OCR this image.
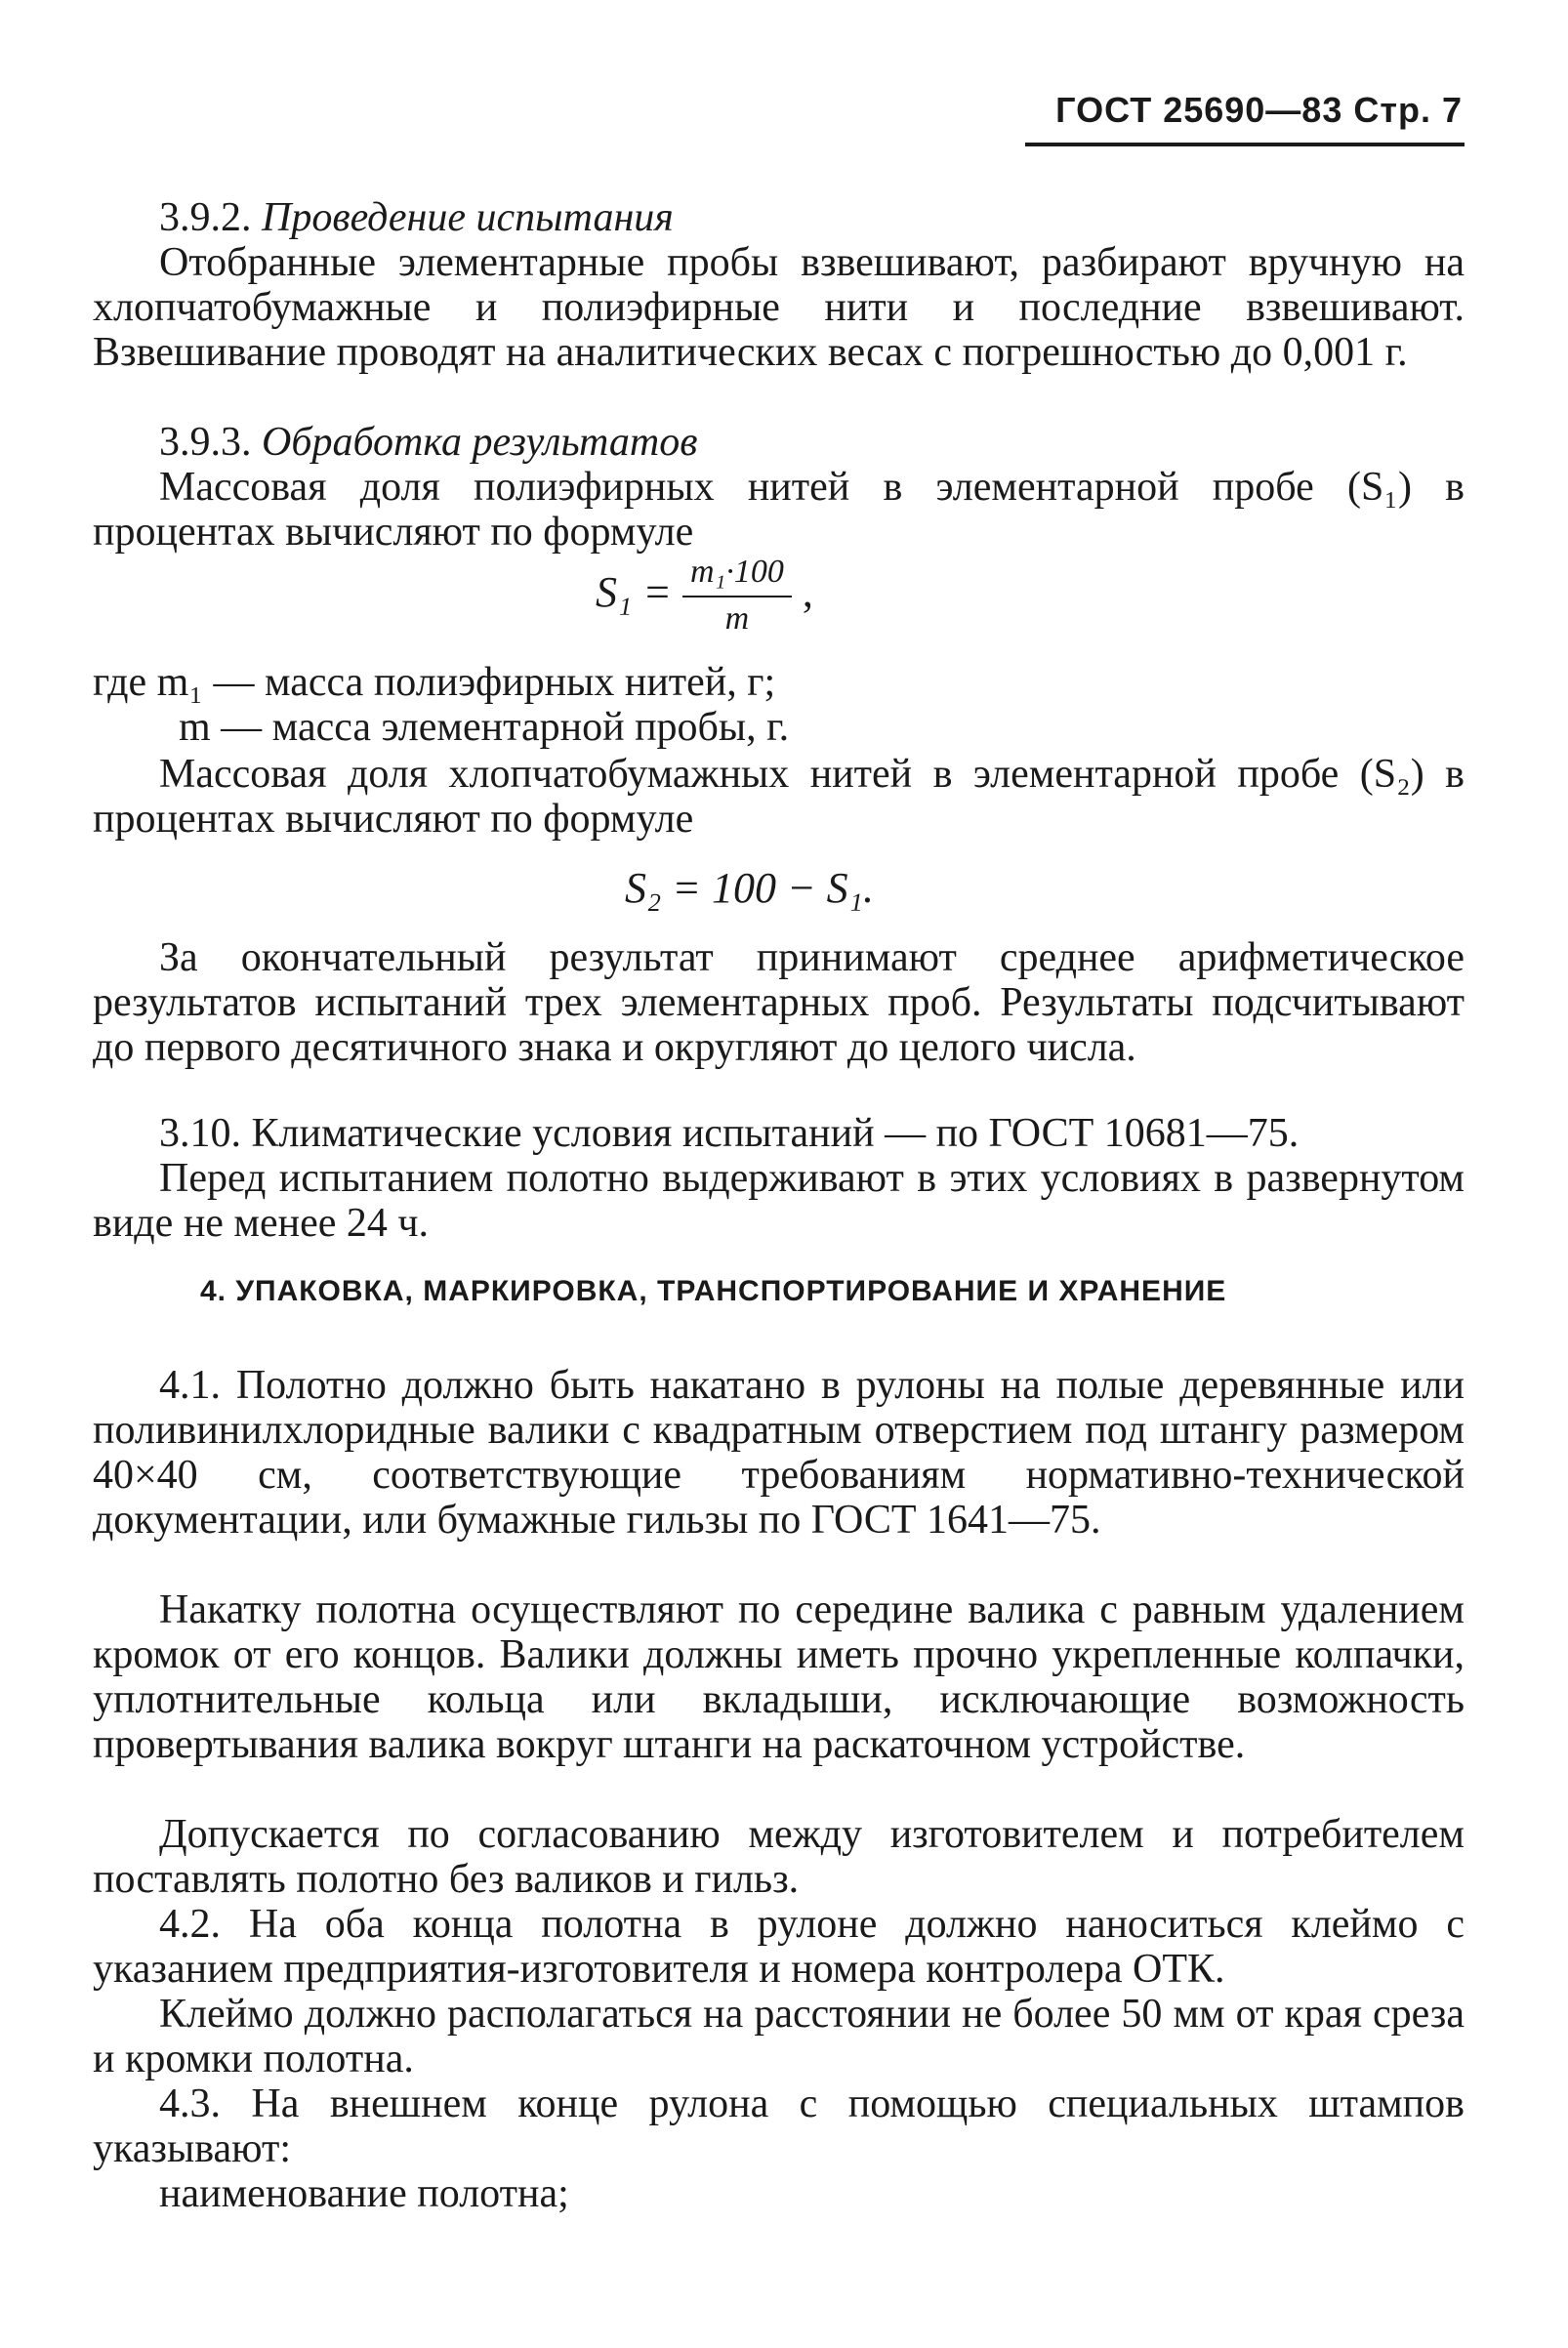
ГОСТ 25690—83 Стр. 7
3.9.2. Проведение испытания
Отобранные элементарные пробы взвешивают, разбирают вручную на хлопчатобумажные и полиэфирные нити и последние взвешивают. Взвешивание проводят на аналитических весах с погрешностью до 0,001 г.
3.9.3. Обработка результатов
Массовая доля полиэфирных нитей в элементарной пробе (S₁) в процентах вычисляют по формуле
$S_1 = \frac{\text{m₁·100}}{m}$ ,
где m₁ — масса полиэфирных нитей, г;
m — масса элементарной пробы, г.
Массовая доля хлопчатобумажных нитей в элементарной пробе (S₂) в процентах вычисляют по формуле
S₂ = 100 − S₁.
За окончательный результат принимают среднее арифметическое результатов испытаний трех элементарных проб. Результаты подсчитывают до первого десятичного знака и округляют до целого числа.
3.10. Климатические условия испытаний — по ГОСТ 10681—75.
Перед испытанием полотно выдерживают в этих условиях в развернутом виде не менее 24 ч.
4. УПАКОВКА, МАРКИРОВКА, ТРАНСПОРТИРОВАНИЕ И ХРАНЕНИЕ
4.1. Полотно должно быть накатано в рулоны на полые деревянные или поливинилхлоридные валики с квадратным отверстием под штангу размером 40×40 см, соответствующие требованиям нормативно-технической документации, или бумажные гильзы по ГОСТ 1641—75.
Накатку полотна осуществляют по середине валика с равным удалением кромок от его концов. Валики должны иметь прочно укрепленные колпачки, уплотнительные кольца или вкладыши, исключающие возможность провертывания валика вокруг штанги на раскаточном устройстве.
Допускается по согласованию между изготовителем и потребителем поставлять полотно без валиков и гильз.
4.2. На оба конца полотна в рулоне должно наноситься клеймо с указанием предприятия-изготовителя и номера контролера ОТК.
Клеймо должно располагаться на расстоянии не более 50 мм от края среза и кромки полотна.
4.3. На внешнем конце рулона с помощью специальных штампов указывают:
наименование полотна;
